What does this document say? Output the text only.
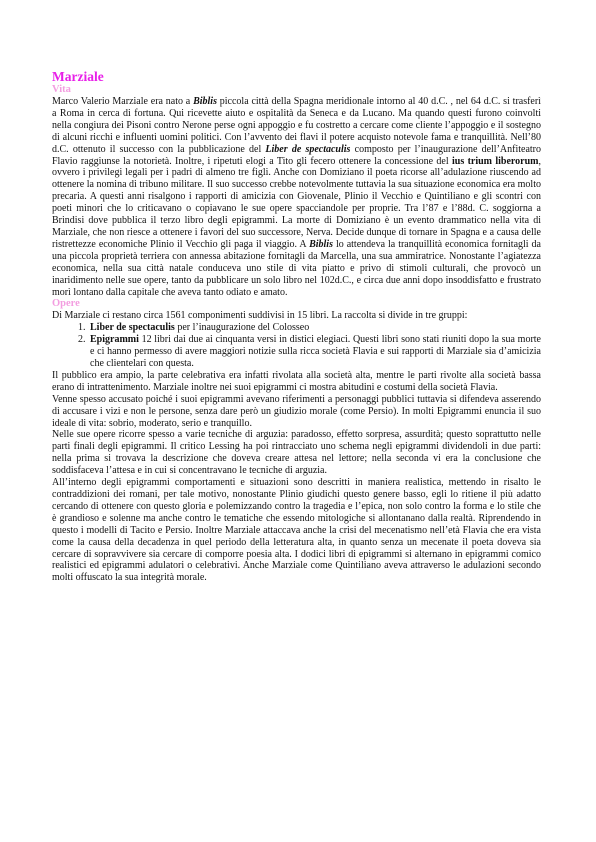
Marziale
Vita

Marco Valerio Marziale era nato a Biblis piccola città della Spagna meridionale intorno al 40 d.C. , nel 64 d.C. si trasferì a Roma in cerca di fortuna. Qui ricevette aiuto e ospitalità da Seneca e da Lucano. Ma quando questi furono coinvolti nella congiura dei Pisoni contro Nerone perse ogni appoggio e fu costretto a cercare come cliente l’appoggio e il sostegno di alcuni ricchi e influenti uomini politici. Con l’avvento dei flavi il potere acquisto notevole fama e tranquillità. Nell’80 d.C. ottenuto il successo con la pubblicazione del Liber de spectaculis composto per l’inaugurazione dell’Anfiteatro Flavio raggiunse la notorietà. Inoltre, i ripetuti elogi a Tito gli fecero ottenere la concessione del ius trium liberorum, ovvero i privilegi legali per i padri di almeno tre figli. Anche con Domiziano il poeta ricorse all’adulazione riuscendo ad ottenere la nomina di tribuno militare. Il suo successo crebbe notevolmente tuttavia la sua situazione economica era molto precaria. A questi anni risalgono i rapporti di amicizia con Giovenale, Plinio il Vecchio e Quintiliano e gli scontri con poeti minori che lo criticavano o copiavano le sue opere spacciandole per proprie. Tra l’87 e l’88d. C. soggiorna a Brindisi dove pubblica il terzo libro degli epigrammi. La morte di Domiziano è un evento drammatico nella vita di Marziale, che non riesce a ottenere i favori del suo successore, Nerva. Decide dunque di tornare in Spagna e a causa delle ristrettezze economiche Plinio il Vecchio gli paga il viaggio. A Biblis lo attendeva la tranquillità economica fornitagli da una piccola proprietà terriera con annessa abitazione fornitagli da Marcella, una sua ammiratrice. Nonostante l’agiatezza economica, nella sua città natale conduceva uno stile di vita piatto e privo di stimoli culturali, che provocò un inaridimento nelle sue opere, tanto da pubblicare un solo libro nel 102d.C., e circa due anni dopo insoddisfatto e frustrato morì lontano dalla capitale che aveva tanto odiato e amato.

Opere

Di Marziale ci restano circa 1561 componimenti suddivisi in 15 libri. La raccolta si divide in tre gruppi:

1. Liber de spectaculis per l’inaugurazione del Colosseo
2. Epigrammi 12 libri dai due ai cinquanta versi in distici elegiaci. Questi libri sono stati riuniti dopo la sua morte e ci hanno permesso di avere maggiori notizie sulla ricca società Flavia e sui rapporti di Marziale sia d’amicizia che clientelari con questa.

Il pubblico era ampio, la parte celebrativa era infatti rivolata alla società alta, mentre le parti rivolte alla società bassa erano di intrattenimento. Marziale inoltre nei suoi epigrammi ci mostra abitudini e costumi della società Flavia.

Venne spesso accusato poiché i suoi epigrammi avevano riferimenti a personaggi pubblici tuttavia si difendeva asserendo di accusare i vizi e non le persone, senza dare però un giudizio morale (come Persio). In molti Epigrammi enuncia il suo ideale di vita: sobrio, moderato, serio e tranquillo.

Nelle sue opere ricorre spesso a varie tecniche di arguzia: paradosso, effetto sorpresa, assurdità; questo soprattutto nelle parti finali degli epigrammi. Il critico Lessing ha poi rintracciato uno schema negli epigrammi dividendoli in due parti: nella prima si trovava la descrizione che doveva creare attesa nel lettore; nella seconda vi era la conclusione che soddisfaceva l’attesa e in cui si concentravano le tecniche di arguzia.

All’interno degli epigrammi comportamenti e situazioni sono descritti in maniera realistica, mettendo in risalto le contraddizioni dei romani, per tale motivo, nonostante Plinio giudichi questo genere basso, egli lo ritiene il più adatto cercando di ottenere con questo gloria e polemizzando contro la tragedia e l’epica, non solo contro la forma e lo stile che è grandioso e solenne ma anche contro le tematiche che essendo mitologiche si allontanano dalla realtà. Riprendendo in questo i modelli di Tacito e Persio. Inoltre Marziale attaccava anche la crisi del mecenatismo nell’età Flavia che era vista come la causa della decadenza in quel periodo della letteratura alta, in quanto senza un mecenate il poeta doveva sia cercare di sopravvivere sia cercare di comporre poesia alta. I dodici libri di epigrammi si alternano in epigrammi comico realistici ed epigrammi adulatori o celebrativi. Anche Marziale come Quintiliano aveva attraverso le adulazioni secondo molti offuscato la sua integrità morale.
